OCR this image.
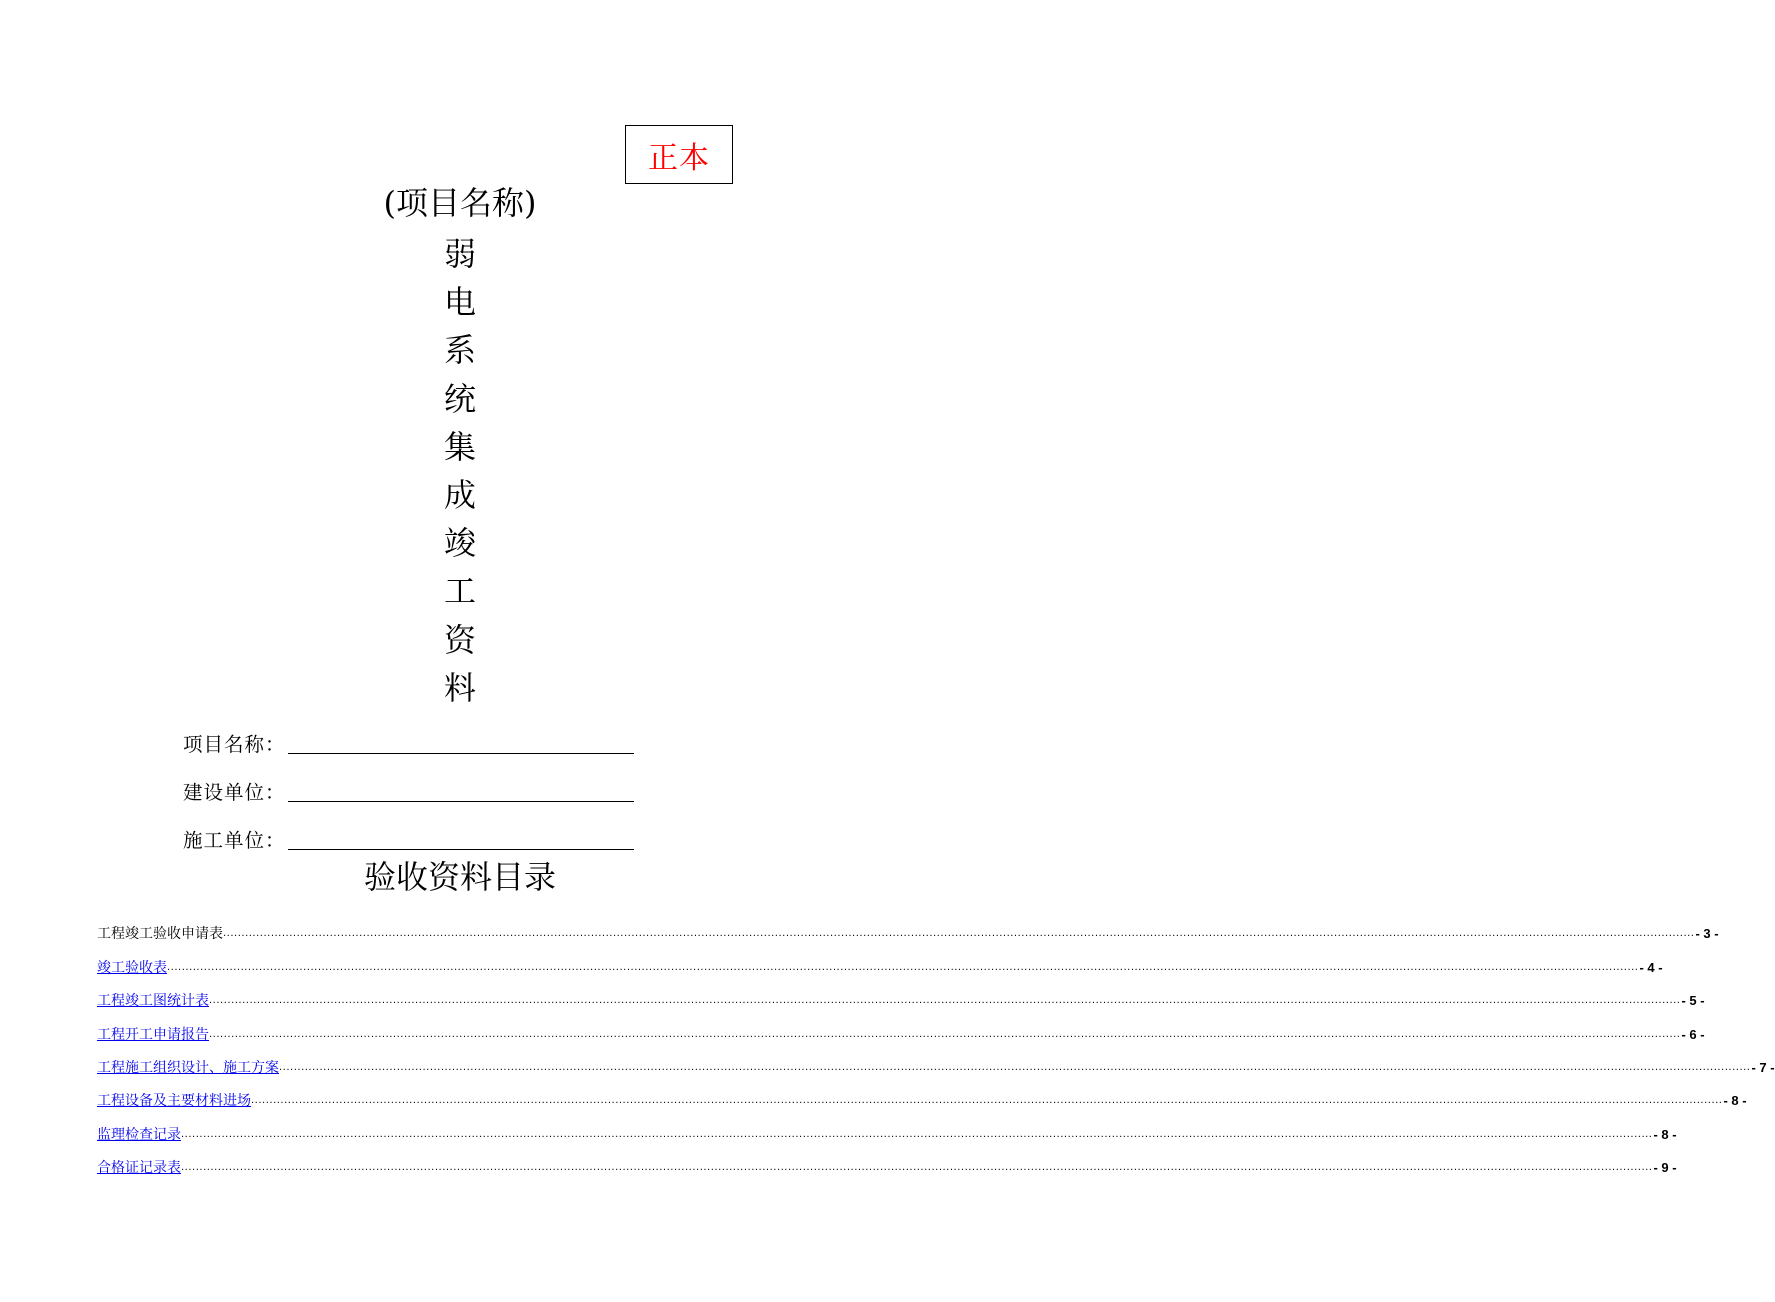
正本
(项目名称)
弱
电
系
统
集
成
竣
工
资
料
项目名称：
建设单位：
施工单位：
验收资料目录
工程竣工验收申请表 ................................................................................................................................................................................................................................................................................................................................................................................................................ - 3 -
竣工验收表 ................................................................................................................................................................................................................................................................................................................................................................................................................ - 4 -
工程竣工图统计表 ................................................................................................................................................................................................................................................................................................................................................................................................................ - 5 -
工程开工申请报告 ................................................................................................................................................................................................................................................................................................................................................................................................................ - 6 -
工程施工组织设计、施工方案 ................................................................................................................................................................................................................................................................................................................................................................................................................ - 7 -
工程设备及主要材料进场 ................................................................................................................................................................................................................................................................................................................................................................................................................ - 8 -
监理检查记录 ................................................................................................................................................................................................................................................................................................................................................................................................................ - 8 -
合格证记录表 ................................................................................................................................................................................................................................................................................................................................................................................................................ - 9 -
